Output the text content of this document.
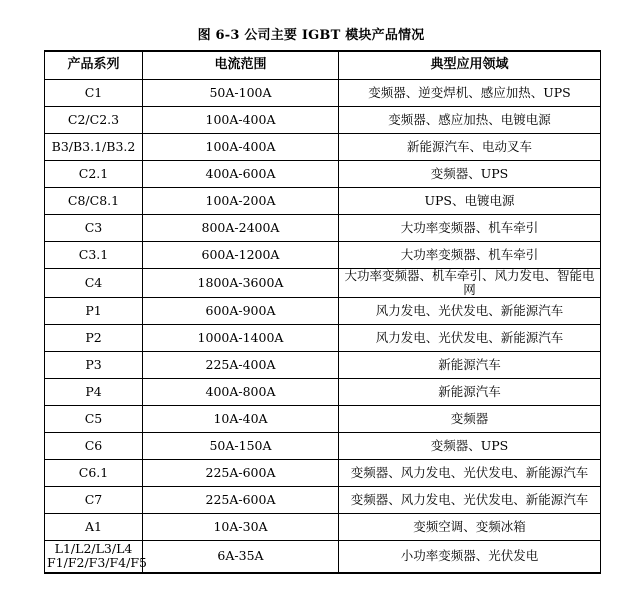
图 6-3 公司主要 IGBT 模块产品情况
产品系列	电流范围	典型应用领域
C1	50A-100A	变频器、逆变焊机、感应加热、UPS
C2/C2.3	100A-400A	变频器、感应加热、电镀电源
B3/B3.1/B3.2	100A-400A	新能源汽车、电动叉车
C2.1	400A-600A	变频器、UPS
C8/C8.1	100A-200A	UPS、电镀电源
C3	800A-2400A	大功率变频器、机车牵引
C3.1	600A-1200A	大功率变频器、机车牵引
C4	1800A-3600A	大功率变频器、机车牵引、风力发电、智能电网
P1	600A-900A	风力发电、光伏发电、新能源汽车
P2	1000A-1400A	风力发电、光伏发电、新能源汽车
P3	225A-400A	新能源汽车
P4	400A-800A	新能源汽车
C5	10A-40A	变频器
C6	50A-150A	变频器、UPS
C6.1	225A-600A	变频器、风力发电、光伏发电、新能源汽车
C7	225A-600A	变频器、风力发电、光伏发电、新能源汽车
A1	10A-30A	变频空调、变频冰箱

L1/L2/L3/L4
F1/F2/F3/F4/F5	6A-35A	小功率变频器、光伏发电
